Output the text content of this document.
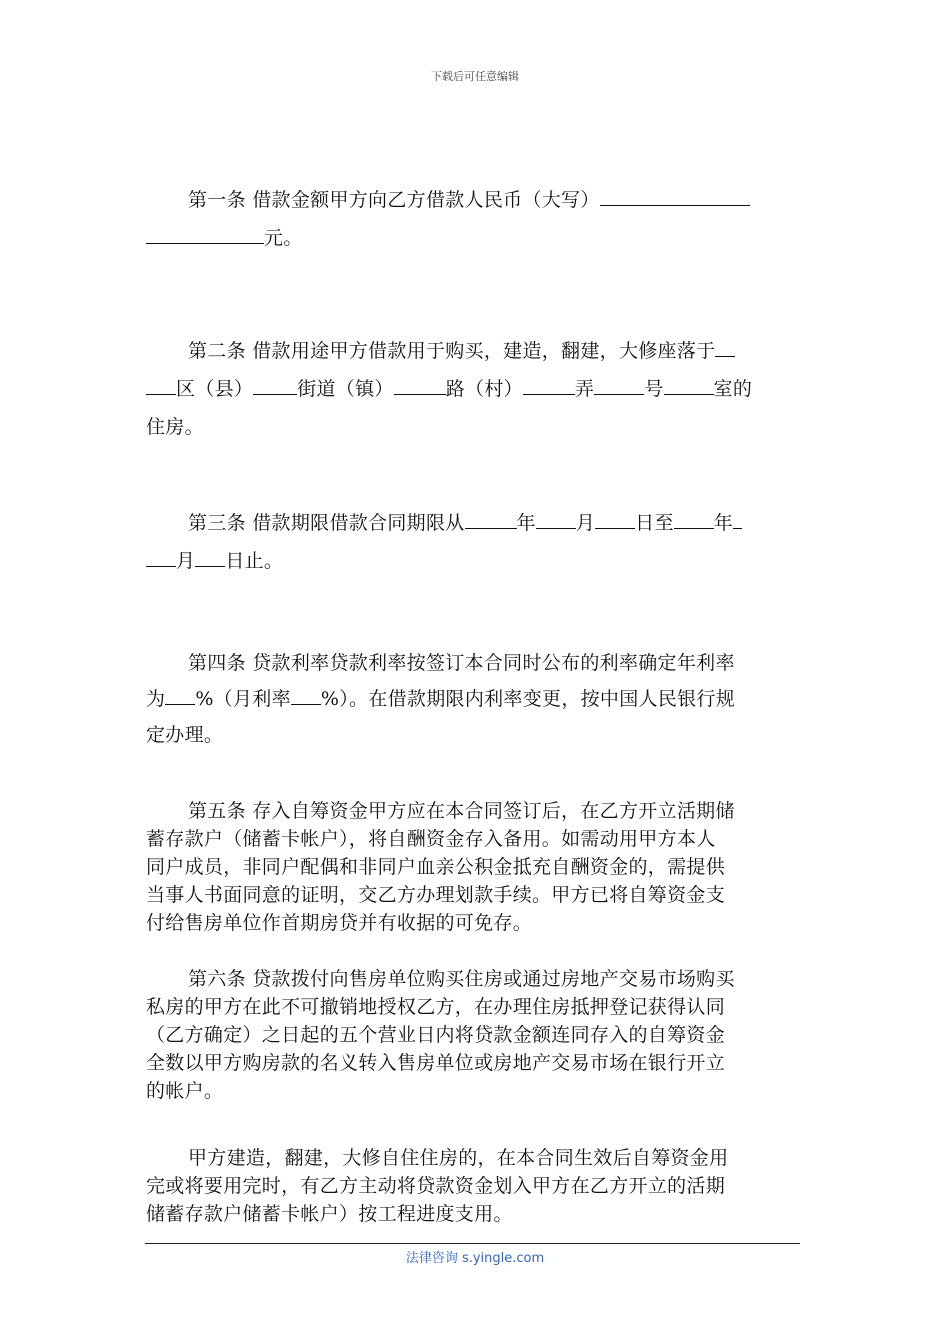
下载后可任意编辑

第一条 借款金额甲方向乙方借款人民币（大写）

元。

第二条 借款用途甲方借款用于购买，建造，翻建，大修座落于

区（县） 街道（镇）	路（村）	弄	号	室的

住房。

第三条 借款期限借款合同期限从	年 月 日至 年

月 日止。

第四条 贷款利率贷款利率按签订本合同时公布的利率确定年利率

为 %（月利率 %）。在借款期限内利率变更，按中国人民银行规

定办理。

第五条 存入自筹资金甲方应在本合同签订后，在乙方开立活期储

蓄存款户（储蓄卡帐户），将自酬资金存入备用。如需动用甲方本人

同户成员，非同户配偶和非同户血亲公积金抵充自酬资金的，需提供

当事人书面同意的证明，交乙方办理划款手续。甲方已将自筹资金支

付给售房单位作首期房贷并有收据的可免存。

第六条 贷款拨付向售房单位购买住房或通过房地产交易市场购买

私房的甲方在此不可撤销地授权乙方，在办理住房抵押登记获得认同

（乙方确定）之日起的五个营业日内将贷款金额连同存入的自筹资金

全数以甲方购房款的名义转入售房单位或房地产交易市场在银行开立

的帐户。

甲方建造，翻建，大修自住住房的，在本合同生效后自筹资金用

完或将要用完时，有乙方主动将贷款资金划入甲方在乙方开立的活期

储蓄存款户储蓄卡帐户）按工程进度支用。

法律咨询 s.yingle.com
